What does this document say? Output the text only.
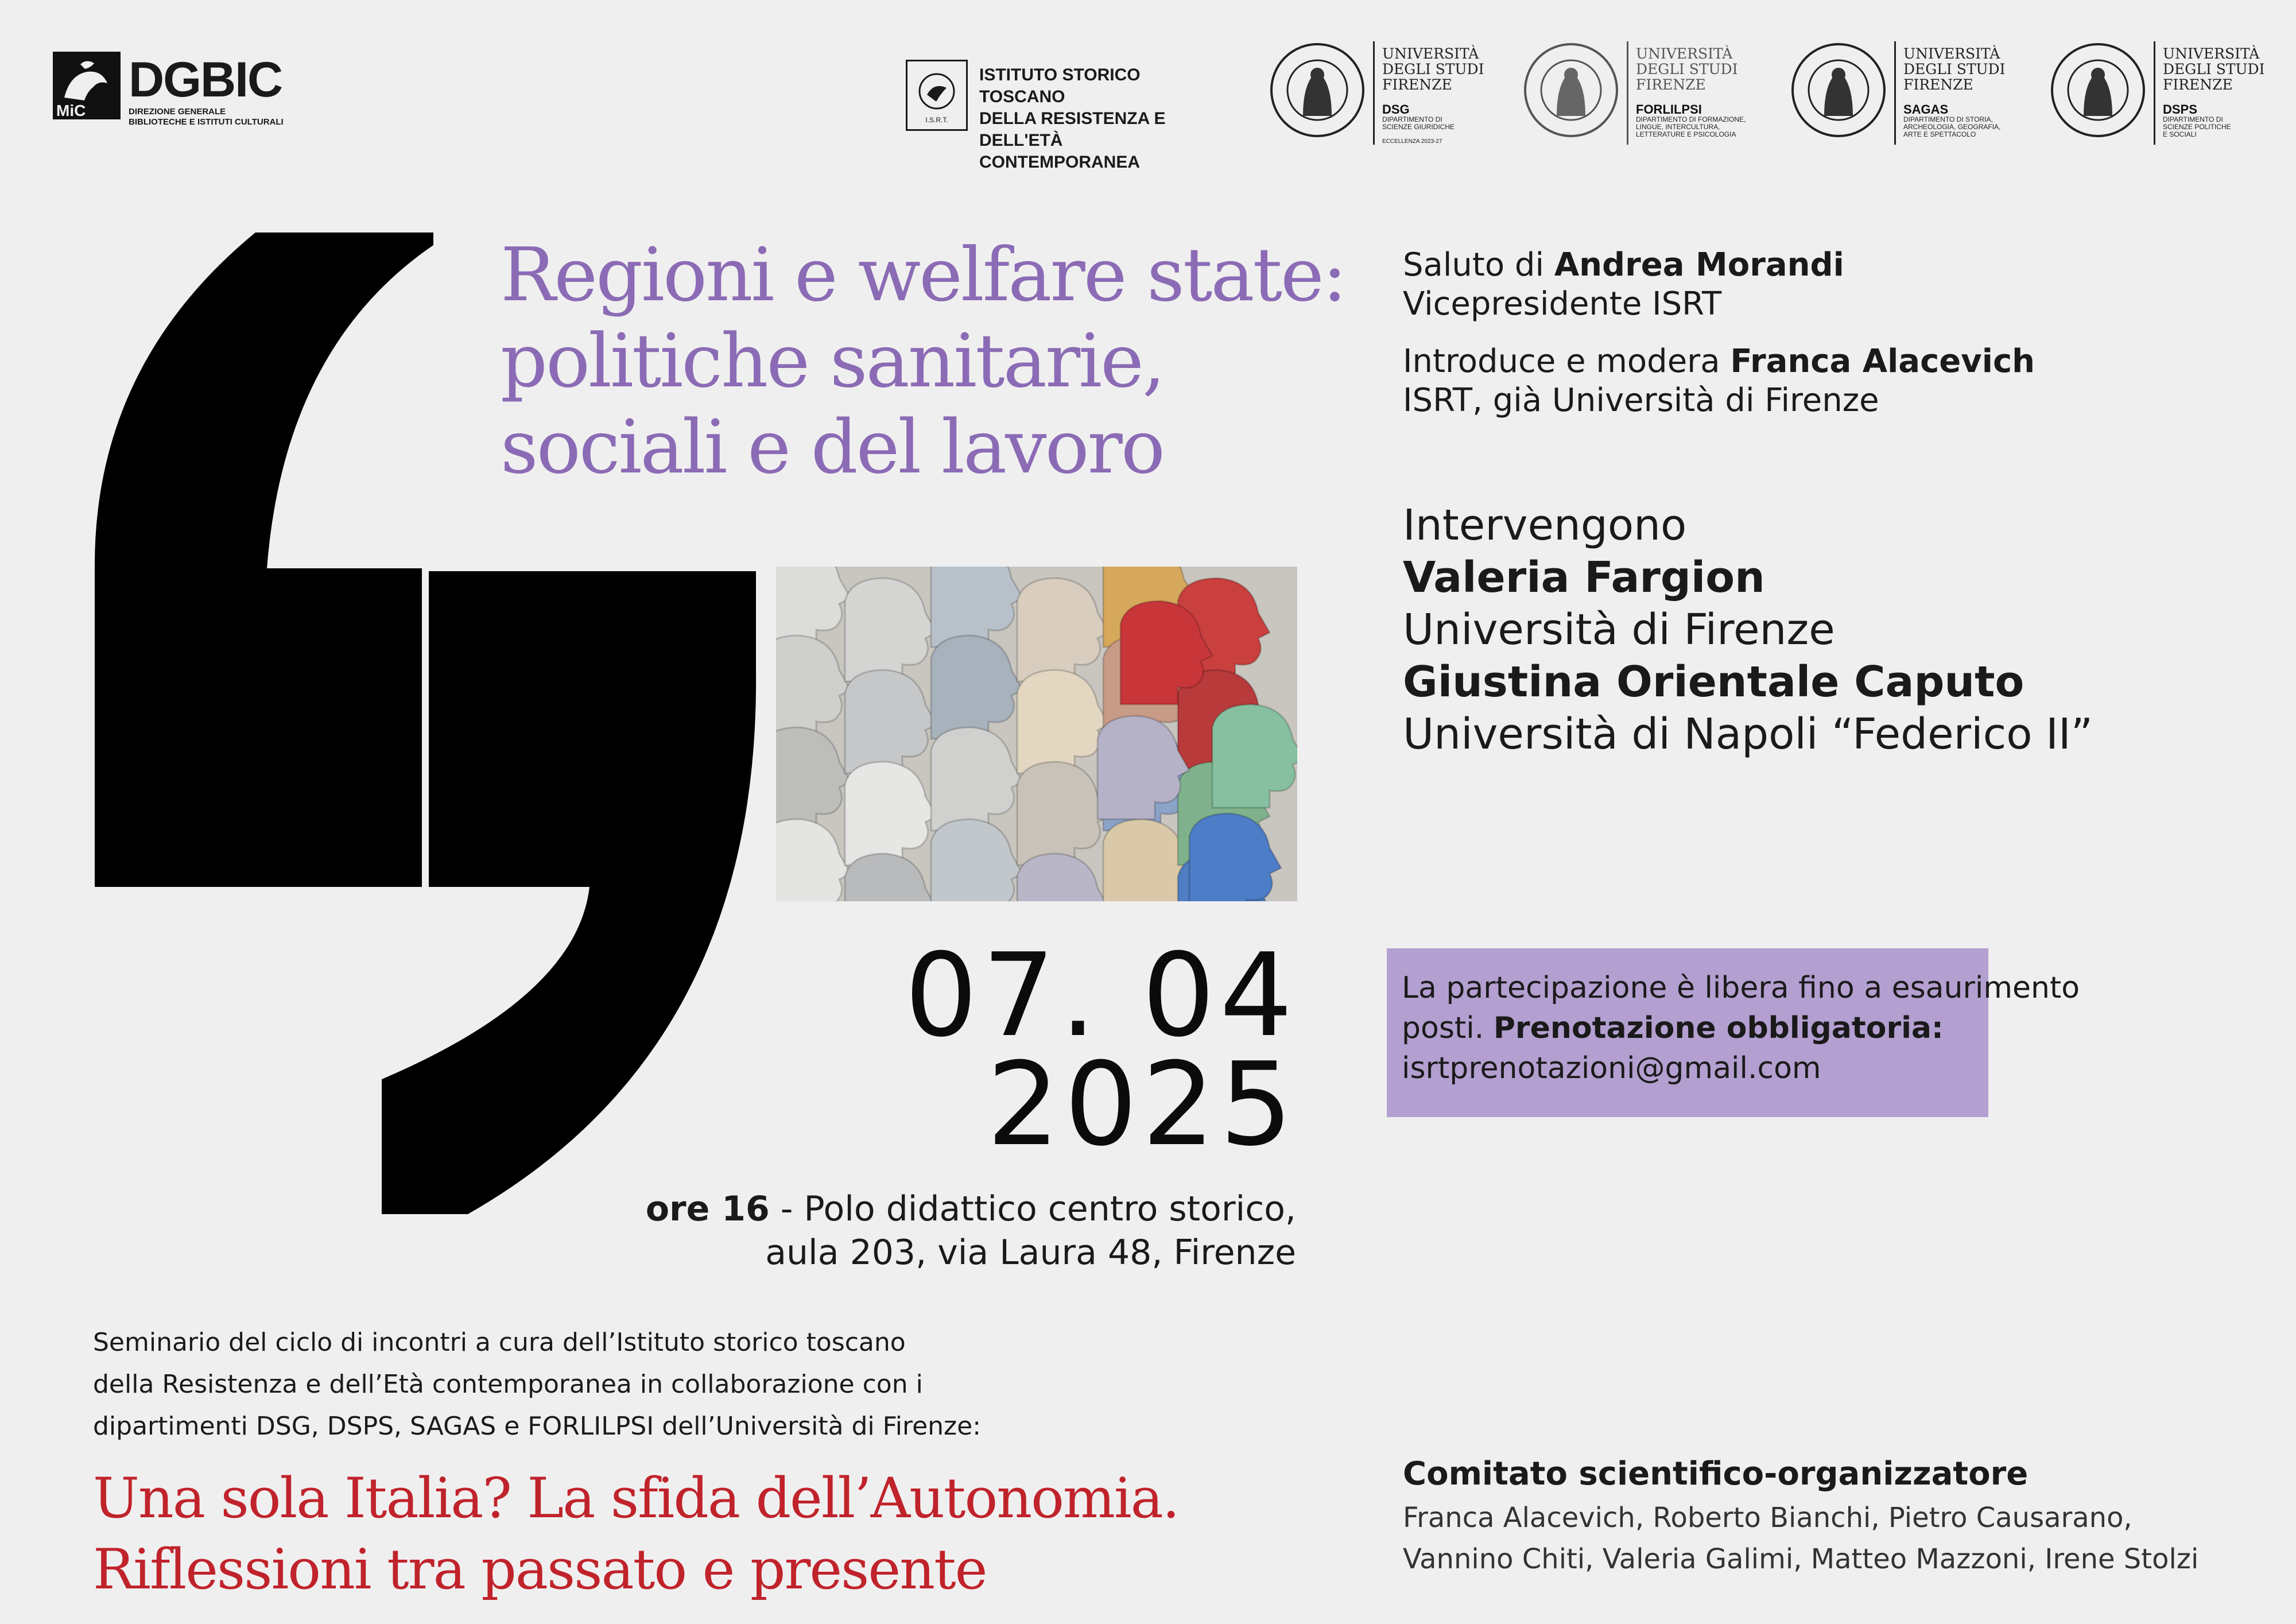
MiC
DGBIC
DIREZIONE GENERALE
BIBLIOTECHE E ISTITUTI CULTURALI	I.S.R.T.
ISTITUTO STORICO TOSCANO
DELLA RESISTENZA E
DELL'ETÀ CONTEMPORANEA
UNIVERSITÀ
DEGLI STUDI
FIRENZE
DSG
DIPARTIMENTO DI
SCIENZE GIURIDICHE
ECCELLENZA 2023-27
UNIVERSITÀ
DEGLI STUDI
FIRENZE
FORLILPSI
DIPARTIMENTO DI FORMAZIONE,
LINGUE, INTERCULTURA,
LETTERATURE E PSICOLOGIA
UNIVERSITÀ
DEGLI STUDI
FIRENZE
SAGAS
DIPARTIMENTO DI STORIA,
ARCHEOLOGIA, GEOGRAFIA,
ARTE E SPETTACOLO
UNIVERSITÀ
DEGLI STUDI
FIRENZE
DSPS
DIPARTIMENTO DI
SCIENZE POLITICHE
E SOCIALI
Regioni e welfare state:
politiche sanitarie,
sociali e del lavoro
07. 04
2025
ore 16 - Polo didattico centro storico,
aula 203, via Laura 48, Firenze
Saluto di Andrea Morandi
Vicepresidente ISRT
Introduce e modera Franca Alacevich
ISRT, già Università di Firenze
Intervengono
Valeria Fargion
Università di Firenze
Giustina Orientale Caputo
Università di Napoli “Federico II”
La partecipazione è libera fino a esaurimento
posti. Prenotazione obbligatoria:
isrtprenotazioni@gmail.com
Seminario del ciclo di incontri a cura dell’Istituto storico toscano
della Resistenza e dell’Età contemporanea in collaborazione con i
dipartimenti DSG, DSPS, SAGAS e FORLILPSI dell’Università di Firenze:
Una sola Italia? La sfida dell’Autonomia.
Riflessioni tra passato e presente
Comitato scientifico-organizzatore
Franca Alacevich, Roberto Bianchi, Pietro Causarano,
Vannino Chiti, Valeria Galimi, Matteo Mazzoni, Irene Stolzi
